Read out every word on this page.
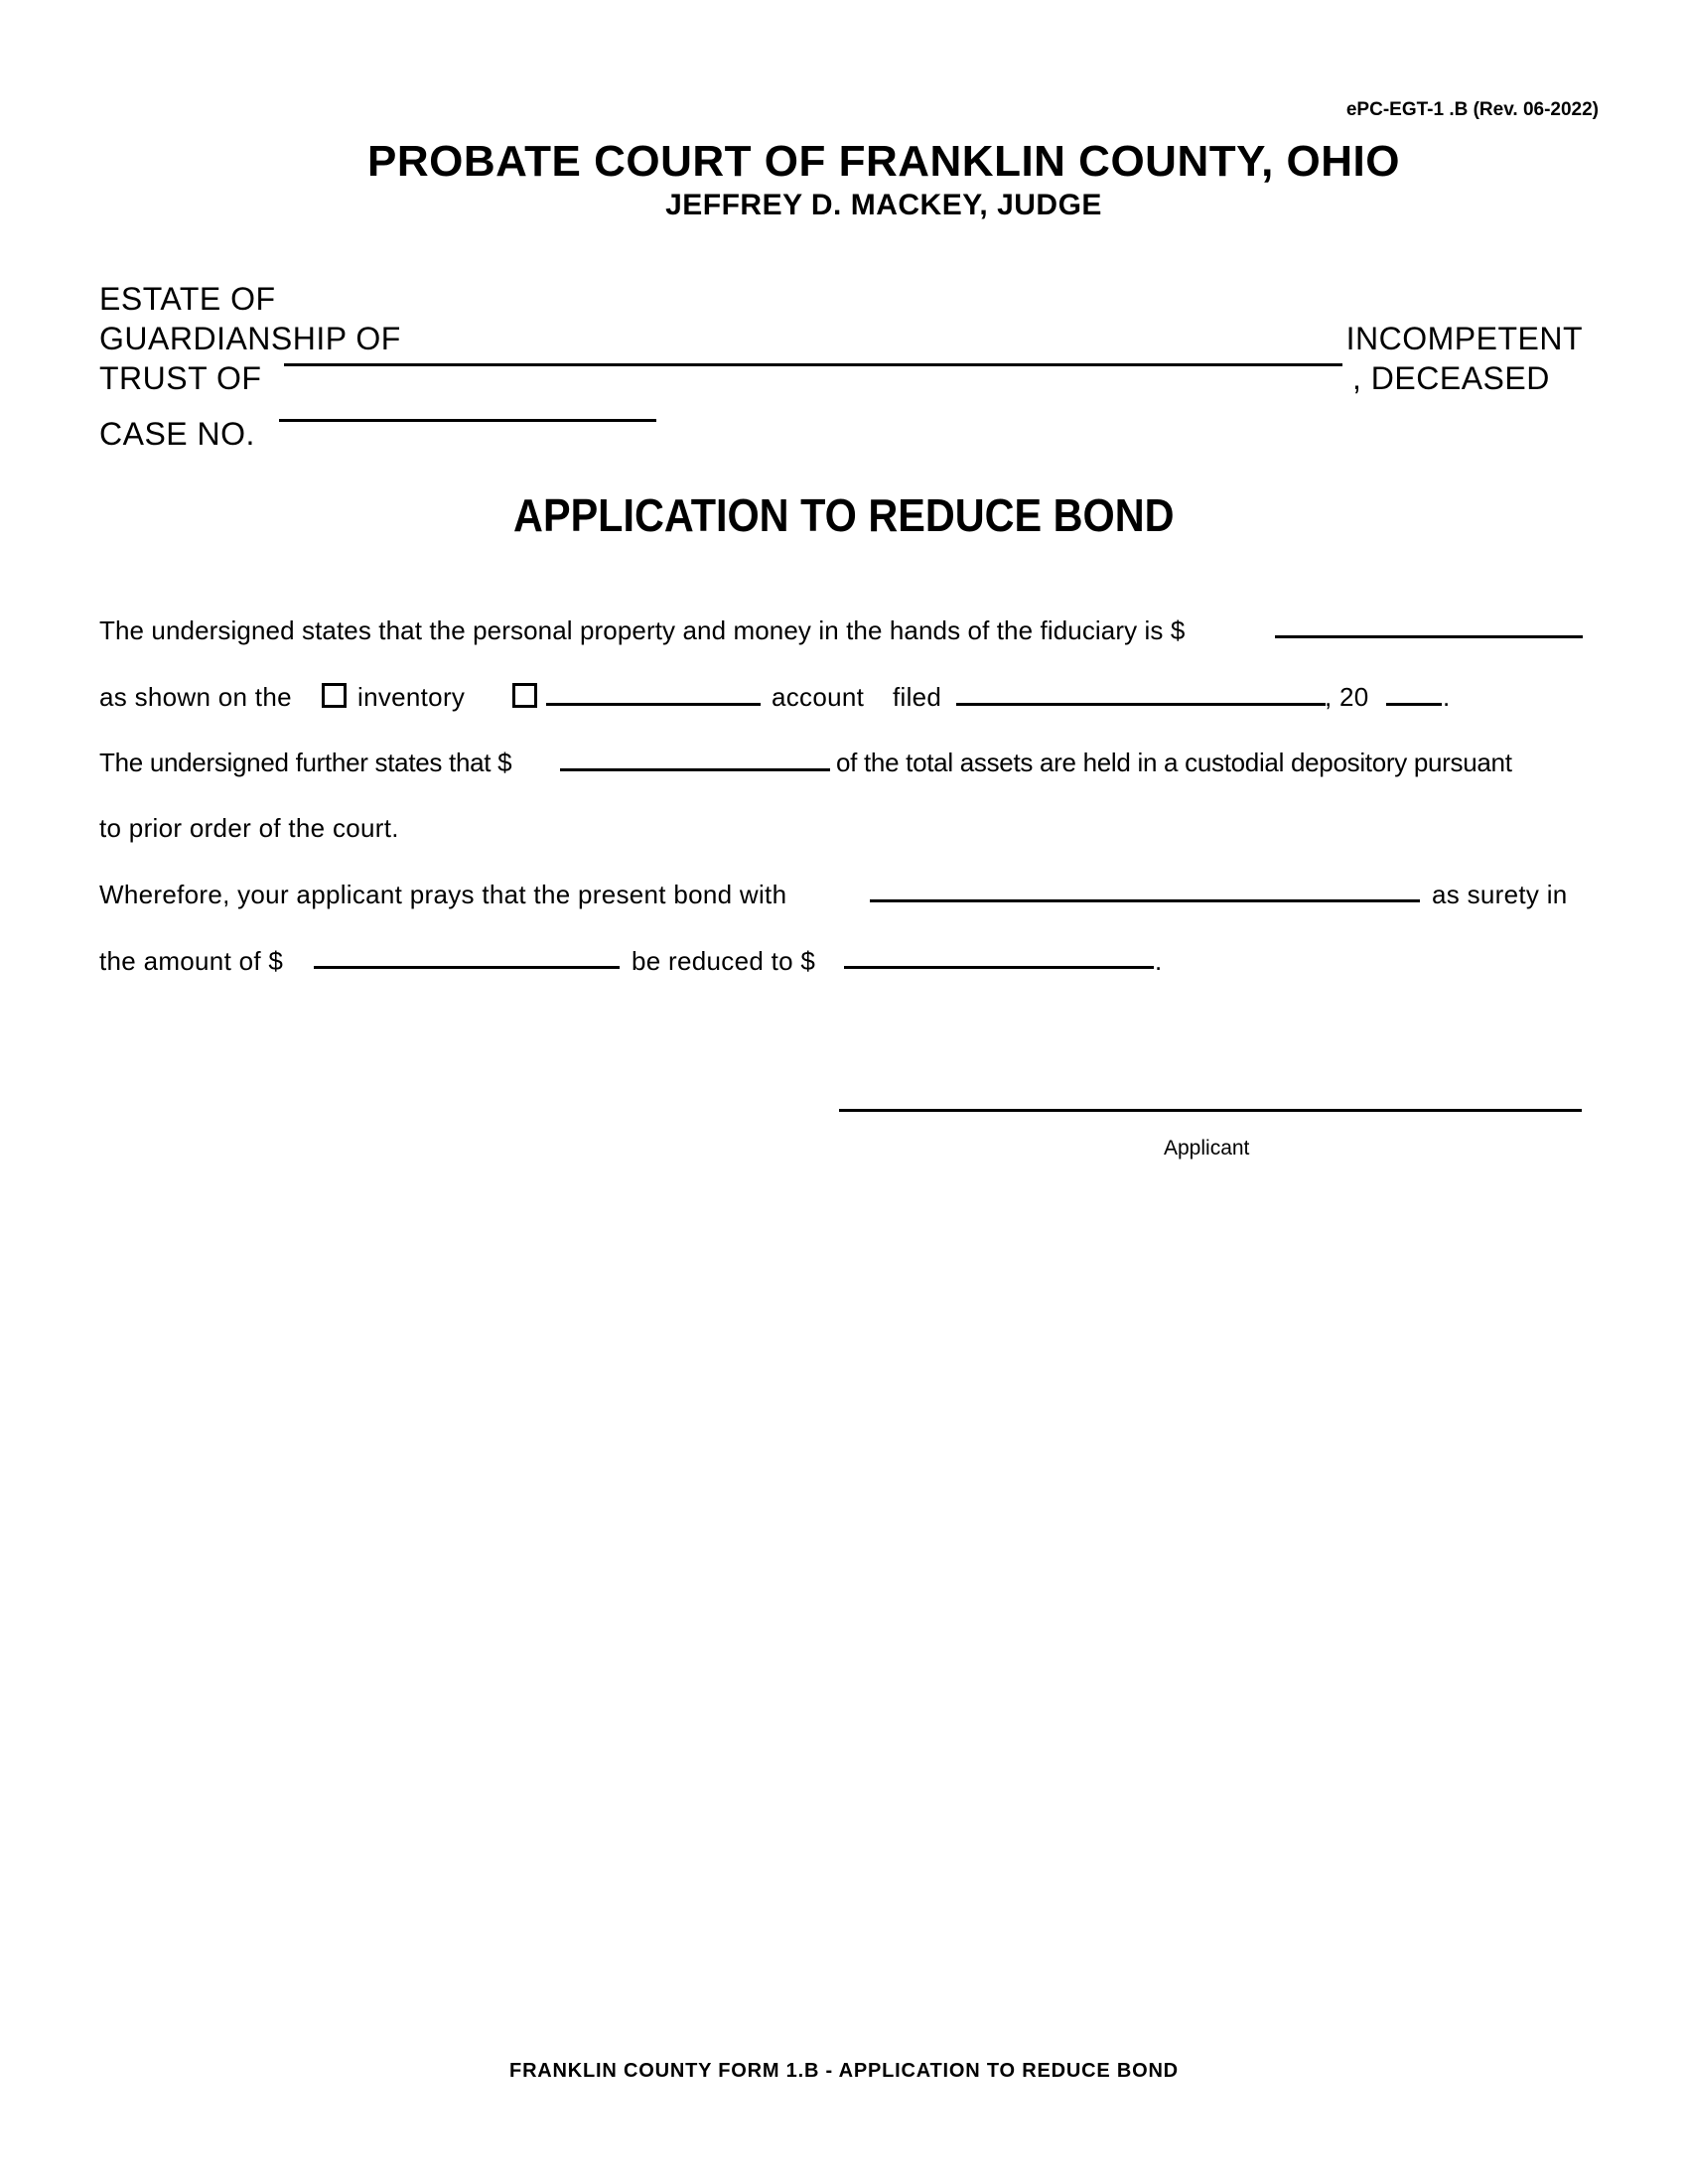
ePC-EGT-1 .B (Rev. 06-2022)
PROBATE COURT OF FRANKLIN COUNTY, OHIO
JEFFREY D. MACKEY, JUDGE
ESTATE OF
GUARDIANSHIP OF
TRUST OF
INCOMPETENT
, DECEASED
CASE NO.
APPLICATION TO REDUCE BOND
The undersigned states that the personal property and money in the hands of the fiduciary is $
as shown on the	inventory	account filed	, 20	.
The undersigned further states that $	of the total assets are held in a custodial depository pursuant
to prior order of the court.
Wherefore, your applicant prays that the present bond with	as surety in
the amount of $	be reduced to $	.
Applicant
FRANKLIN COUNTY FORM 1.B - APPLICATION TO REDUCE BOND
